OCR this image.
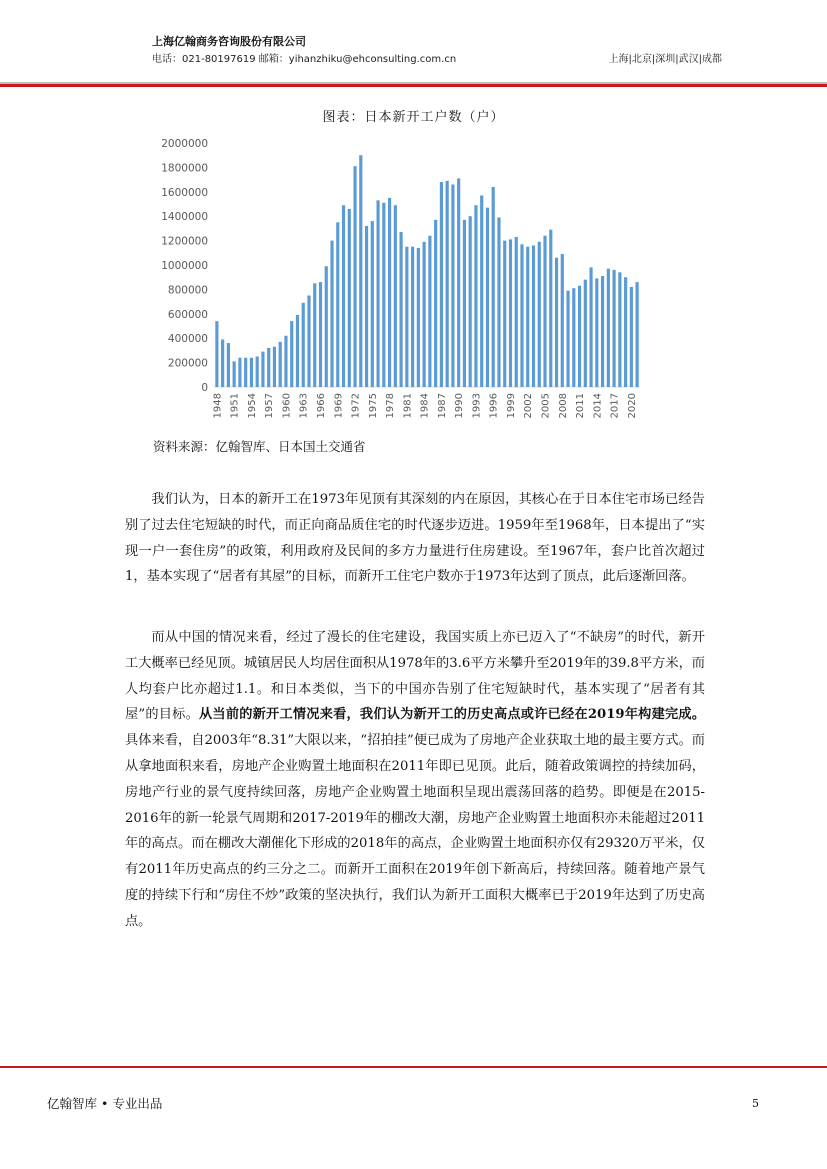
上海亿翰商务咨询股份有限公司
电话：021-80197619 邮箱：yihanzhiku@ehconsulting.com.cn	上海|北京|深圳|武汉|成都
图表：日本新开工户数（户）
0
200000
400000
600000
800000
1000000
1200000
1400000
1600000
1800000
2000000
1948 1951 1954 1957 1960 1963 1966 1969 1972 1975 1978 1981 1984 1987 1990 1993 1996 1999 2002 2005 2008 2011 2014 2017 2020
资料来源：亿翰智库、日本国土交通省

我们认为，日本的新开工在1973年见顶有其深刻的内在原因，其核心在于日本住宅市场已经告别了过去住宅短缺的时代，而正向商品质住宅的时代逐步迈进。1959年至1968年，日本提出了“实现一户一套住房”的政策，利用政府及民间的多方力量进行住房建设。至1967年，套户比首次超过1，基本实现了“居者有其屋”的目标，而新开工住宅户数亦于1973年达到了顶点，此后逐渐回落。

而从中国的情况来看，经过了漫长的住宅建设，我国实质上亦已迈入了“不缺房”的时代，新开工大概率已经见顶。城镇居民人均居住面积从1978年的3.6平方米攀升至2019年的39.8平方米，而人均套户比亦超过1.1。和日本类似，当下的中国亦告别了住宅短缺时代，基本实现了“居者有其屋”的目标。从当前的新开工情况来看，我们认为新开工的历史高点或许已经在2019年构建完成。具体来看，自2003年“8.31”大限以来，“招拍挂”便已成为了房地产企业获取土地的最主要方式。而从拿地面积来看，房地产企业购置土地面积在2011年即已见顶。此后，随着政策调控的持续加码，房地产行业的景气度持续回落，房地产企业购置土地面积呈现出震荡回落的趋势。即便是在2015-2016年的新一轮景气周期和2017-2019年的棚改大潮，房地产企业购置土地面积亦未能超过2011年的高点。而在棚改大潮催化下形成的2018年的高点，企业购置土地面积亦仅有29320万平米，仅有2011年历史高点的约三分之二。而新开工面积在2019年创下新高后，持续回落。随着地产景气度的持续下行和“房住不炒”政策的坚决执行，我们认为新开工面积大概率已于2019年达到了历史高点。

亿翰智库 • 专业出品	5
